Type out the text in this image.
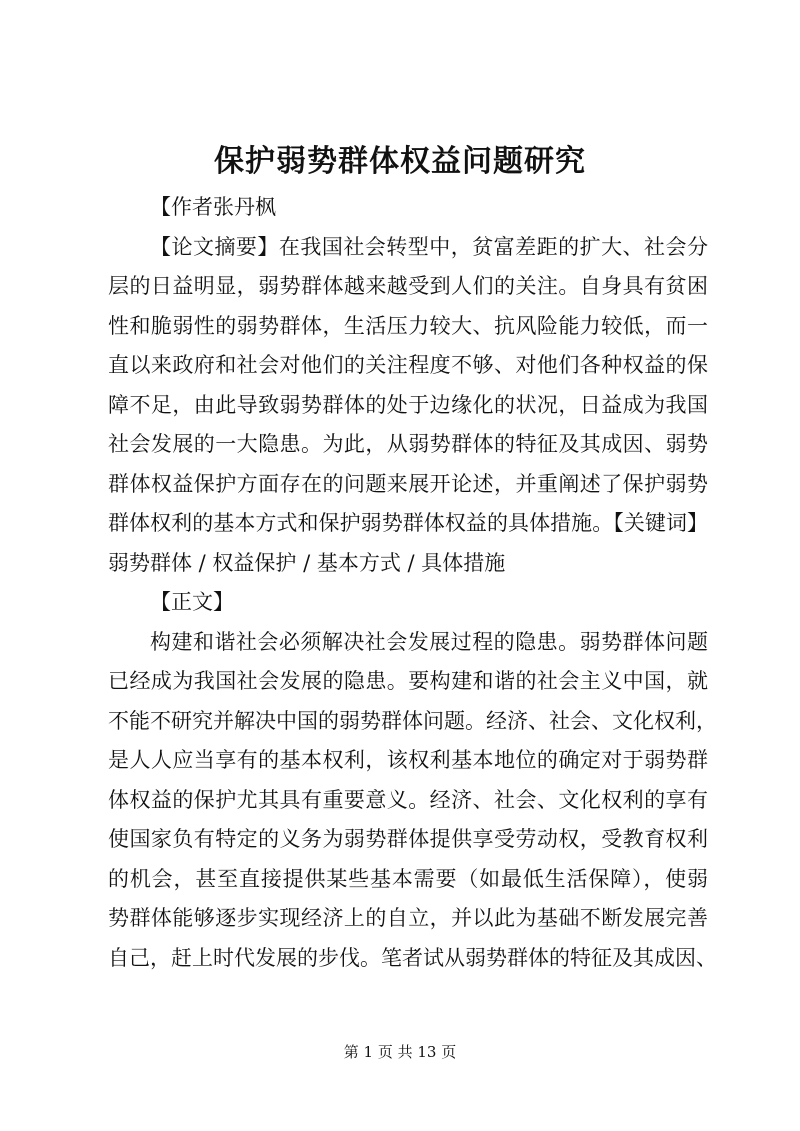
保护弱势群体权益问题研究

【作者张丹枫

【论文摘要】在我国社会转型中，贫富差距的扩大、社会分
层的日益明显，弱势群体越来越受到人们的关注。自身具有贫困
性和脆弱性的弱势群体，生活压力较大、抗风险能力较低，而一
直以来政府和社会对他们的关注程度不够、对他们各种权益的保
障不足，由此导致弱势群体的处于边缘化的状况，日益成为我国
社会发展的一大隐患。为此，从弱势群体的特征及其成因、弱势
群体权益保护方面存在的问题来展开论述，并重阐述了保护弱势
群体权利的基本方式和保护弱势群体权益的具体措施。【关键词】
弱势群体 / 权益保护 / 基本方式 / 具体措施

【正文】

构建和谐社会必须解决社会发展过程的隐患。弱势群体问题
已经成为我国社会发展的隐患。要构建和谐的社会主义中国，就
不能不研究并解决中国的弱势群体问题。经济、社会、文化权利，
是人人应当享有的基本权利，该权利基本地位的确定对于弱势群
体权益的保护尤其具有重要意义。经济、社会、文化权利的享有
使国家负有特定的义务为弱势群体提供享受劳动权，受教育权利
的机会，甚至直接提供某些基本需要（如最低生活保障），使弱
势群体能够逐步实现经济上的自立，并以此为基础不断发展完善
自己，赶上时代发展的步伐。笔者试从弱势群体的特征及其成因、

第 1 页 共 13 页
